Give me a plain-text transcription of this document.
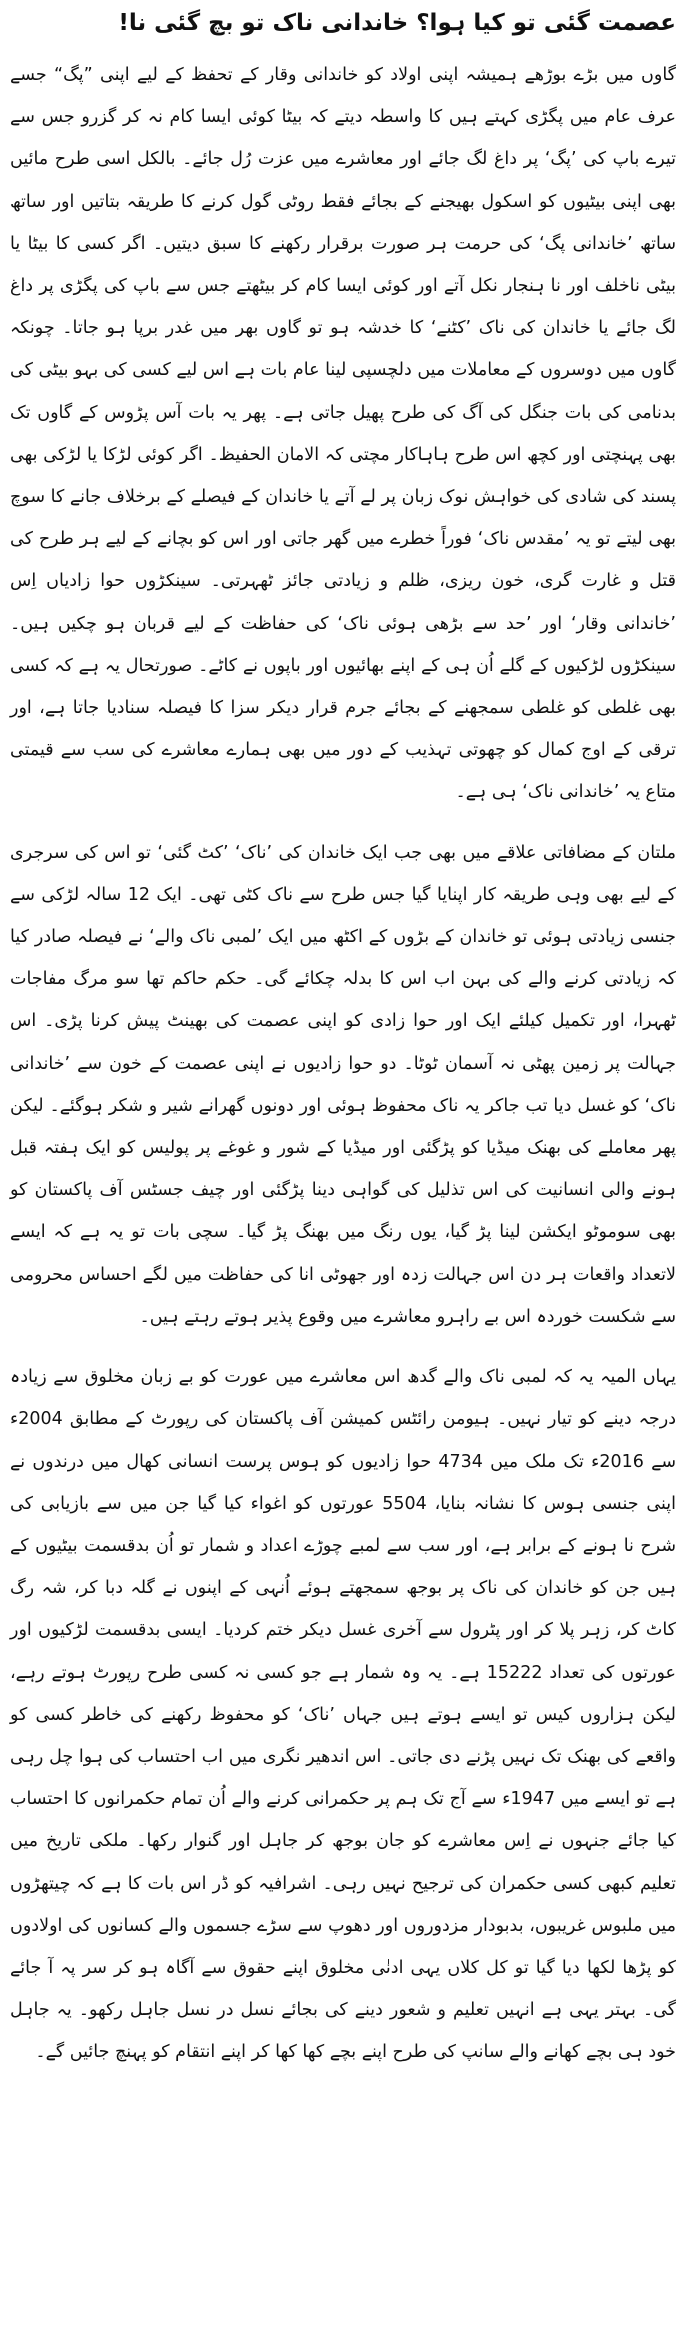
عصمت گئی تو کیا ہوا؟ خاندانی ناک تو بچ گئی نا!

گاوں میں بڑے بوڑھے ہمیشہ اپنی اولاد کو خاندانی وقار کے تحفظ کے لیے اپنی ”پگ“ جسے عرف عام میں پگڑی کہتے ہیں کا واسطہ دیتے کہ بیٹا کوئی ایسا کام نہ کر گزرو جس سے تیرے باپ کی ’پگ‘ پر داغ لگ جائے اور معاشرے میں عزت رُل جائے۔ بالکل اسی طرح مائیں بھی اپنی بیٹیوں کو اسکول بھیجنے کے بجائے فقط روٹی گول کرنے کا طریقہ بتاتیں اور ساتھ ساتھ ’خاندانی پگ‘ کی حرمت ہر صورت برقرار رکھنے کا سبق دیتیں۔ اگر کسی کا بیٹا یا بیٹی ناخلف اور نا ہنجار نکل آتے اور کوئی ایسا کام کر بیٹھتے جس سے باپ کی پگڑی پر داغ لگ جائے یا خاندان کی ناک ’کٹنے‘ کا خدشہ ہو تو گاوں بھر میں غدر برپا ہو جاتا۔ چونکہ گاوں میں دوسروں کے معاملات میں دلچسپی لینا عام بات ہے اس لیے کسی کی بہو بیٹی کی بدنامی کی بات جنگل کی آگ کی طرح پھیل جاتی ہے۔ پھر یہ بات آس پڑوس کے گاوں تک بھی پہنچتی اور کچھ اس طرح ہاہاکار مچتی کہ الامان الحفیظ۔ اگر کوئی لڑکا یا لڑکی بھی پسند کی شادی کی خواہش نوک زبان پر لے آتے یا خاندان کے فیصلے کے برخلاف جانے کا سوچ بھی لیتے تو یہ ’مقدس ناک‘ فوراً خطرے میں گھر جاتی اور اس کو بچانے کے لیے ہر طرح کی قتل و غارت گری، خون ریزی، ظلم و زیادتی جائز ٹھہرتی۔ سینکڑوں حوا زادیاں اِس ’خاندانی وقار‘ اور ’حد سے بڑھی ہوئی ناک‘ کی حفاظت کے لیے قربان ہو چکیں ہیں۔ سینکڑوں لڑکیوں کے گلے اُن ہی کے اپنے بھائیوں اور باپوں نے کاٹے۔ صورتحال یہ ہے کہ کسی بھی غلطی کو غلطی سمجھنے کے بجائے جرم قرار دیکر سزا کا فیصلہ سنادیا جاتا ہے، اور ترقی کے اوج کمال کو چھوتی تہذیب کے دور میں بھی ہمارے معاشرے کی سب سے قیمتی متاع یہ ’خاندانی ناک‘ ہی ہے۔

ملتان کے مضافاتی علاقے میں بھی جب ایک خاندان کی ’ناک‘ ’کٹ گئی‘ تو اس کی سرجری کے لیے بھی وہی طریقہ کار اپنایا گیا جس طرح سے ناک کٹی تھی۔ ایک 12 سالہ لڑکی سے جنسی زیادتی ہوئی تو خاندان کے بڑوں کے اکٹھ میں ایک ’لمبی ناک والے‘ نے فیصلہ صادر کیا کہ زیادتی کرنے والے کی بہن اب اس کا بدلہ چکائے گی۔ حکم حاکم تھا سو مرگ مفاجات ٹھہرا، اور تکمیل کیلئے ایک اور حوا زادی کو اپنی عصمت کی بھینٹ پیش کرنا پڑی۔ اس جہالت پر زمین پھٹی نہ آسمان ٹوٹا۔ دو حوا زادیوں نے اپنی عصمت کے خون سے ’خاندانی ناک‘ کو غسل دیا تب جاکر یہ ناک محفوظ ہوئی اور دونوں گھرانے شیر و شکر ہوگئے۔ لیکن پھر معاملے کی بھنک میڈیا کو پڑگئی اور میڈیا کے شور و غوغے پر پولیس کو ایک ہفتہ قبل ہونے والی انسانیت کی اس تذلیل کی گواہی دینا پڑگئی اور چیف جسٹس آف پاکستان کو بھی سوموٹو ایکشن لینا پڑ گیا، یوں رنگ میں بھنگ پڑ گیا۔ سچی بات تو یہ ہے کہ ایسے لاتعداد واقعات ہر دن اس جہالت زدہ اور جھوٹی انا کی حفاظت میں لگے احساس محرومی سے شکست خوردہ اس بے راہرو معاشرے میں وقوع پذیر ہوتے رہتے ہیں۔

یہاں المیہ یہ کہ لمبی ناک والے گدھ اس معاشرے میں عورت کو بے زبان مخلوق سے زیادہ درجہ دینے کو تیار نہیں۔ ہیومن رائٹس کمیشن آف پاکستان کی رپورٹ کے مطابق 2004ء سے 2016ء تک ملک میں 4734 حوا زادیوں کو ہوس پرست انسانی کھال میں درندوں نے اپنی جنسی ہوس کا نشانہ بنایا، 5504 عورتوں کو اغواء کیا گیا جن میں سے بازیابی کی شرح نا ہونے کے برابر ہے، اور سب سے لمبے چوڑے اعداد و شمار تو اُن بدقسمت بیٹیوں کے ہیں جن کو خاندان کی ناک پر بوجھ سمجھتے ہوئے اُنہی کے اپنوں نے گلہ دبا کر، شہ رگ کاٹ کر، زہر پلا کر اور پٹرول سے آخری غسل دیکر ختم کردیا۔ ایسی بدقسمت لڑکیوں اور عورتوں کی تعداد 15222 ہے۔ یہ وہ شمار ہے جو کسی نہ کسی طرح رپورٹ ہوتے رہے، لیکن ہزاروں کیس تو ایسے ہوتے ہیں جہاں ’ناک‘ کو محفوظ رکھنے کی خاطر کسی کو واقعے کی بھنک تک نہیں پڑنے دی جاتی۔ اس اندھیر نگری میں اب احتساب کی ہوا چل رہی ہے تو ایسے میں 1947ء سے آج تک ہم پر حکمرانی کرنے والے اُن تمام حکمرانوں کا احتساب کیا جائے جنہوں نے اِس معاشرے کو جان بوجھ کر جاہل اور گنوار رکھا۔ ملکی تاریخ میں تعلیم کبھی کسی حکمران کی ترجیح نہیں رہی۔ اشرافیہ کو ڈر اس بات کا ہے کہ چیتھڑوں میں ملبوس غریبوں، بدبودار مزدوروں اور دھوپ سے سڑے جسموں والے کسانوں کی اولادوں کو پڑھا لکھا دیا گیا تو کل کلاں یہی ادنٰی مخلوق اپنے حقوق سے آگاہ ہو کر سر پہ آ جائے گی۔ بہتر یہی ہے انہیں تعلیم و شعور دینے کی بجائے نسل در نسل جاہل رکھو۔ یہ جاہل خود ہی بچے کھانے والے سانپ کی طرح اپنے بچے کھا کھا کر اپنے انتقام کو پہنچ جائیں گے۔
